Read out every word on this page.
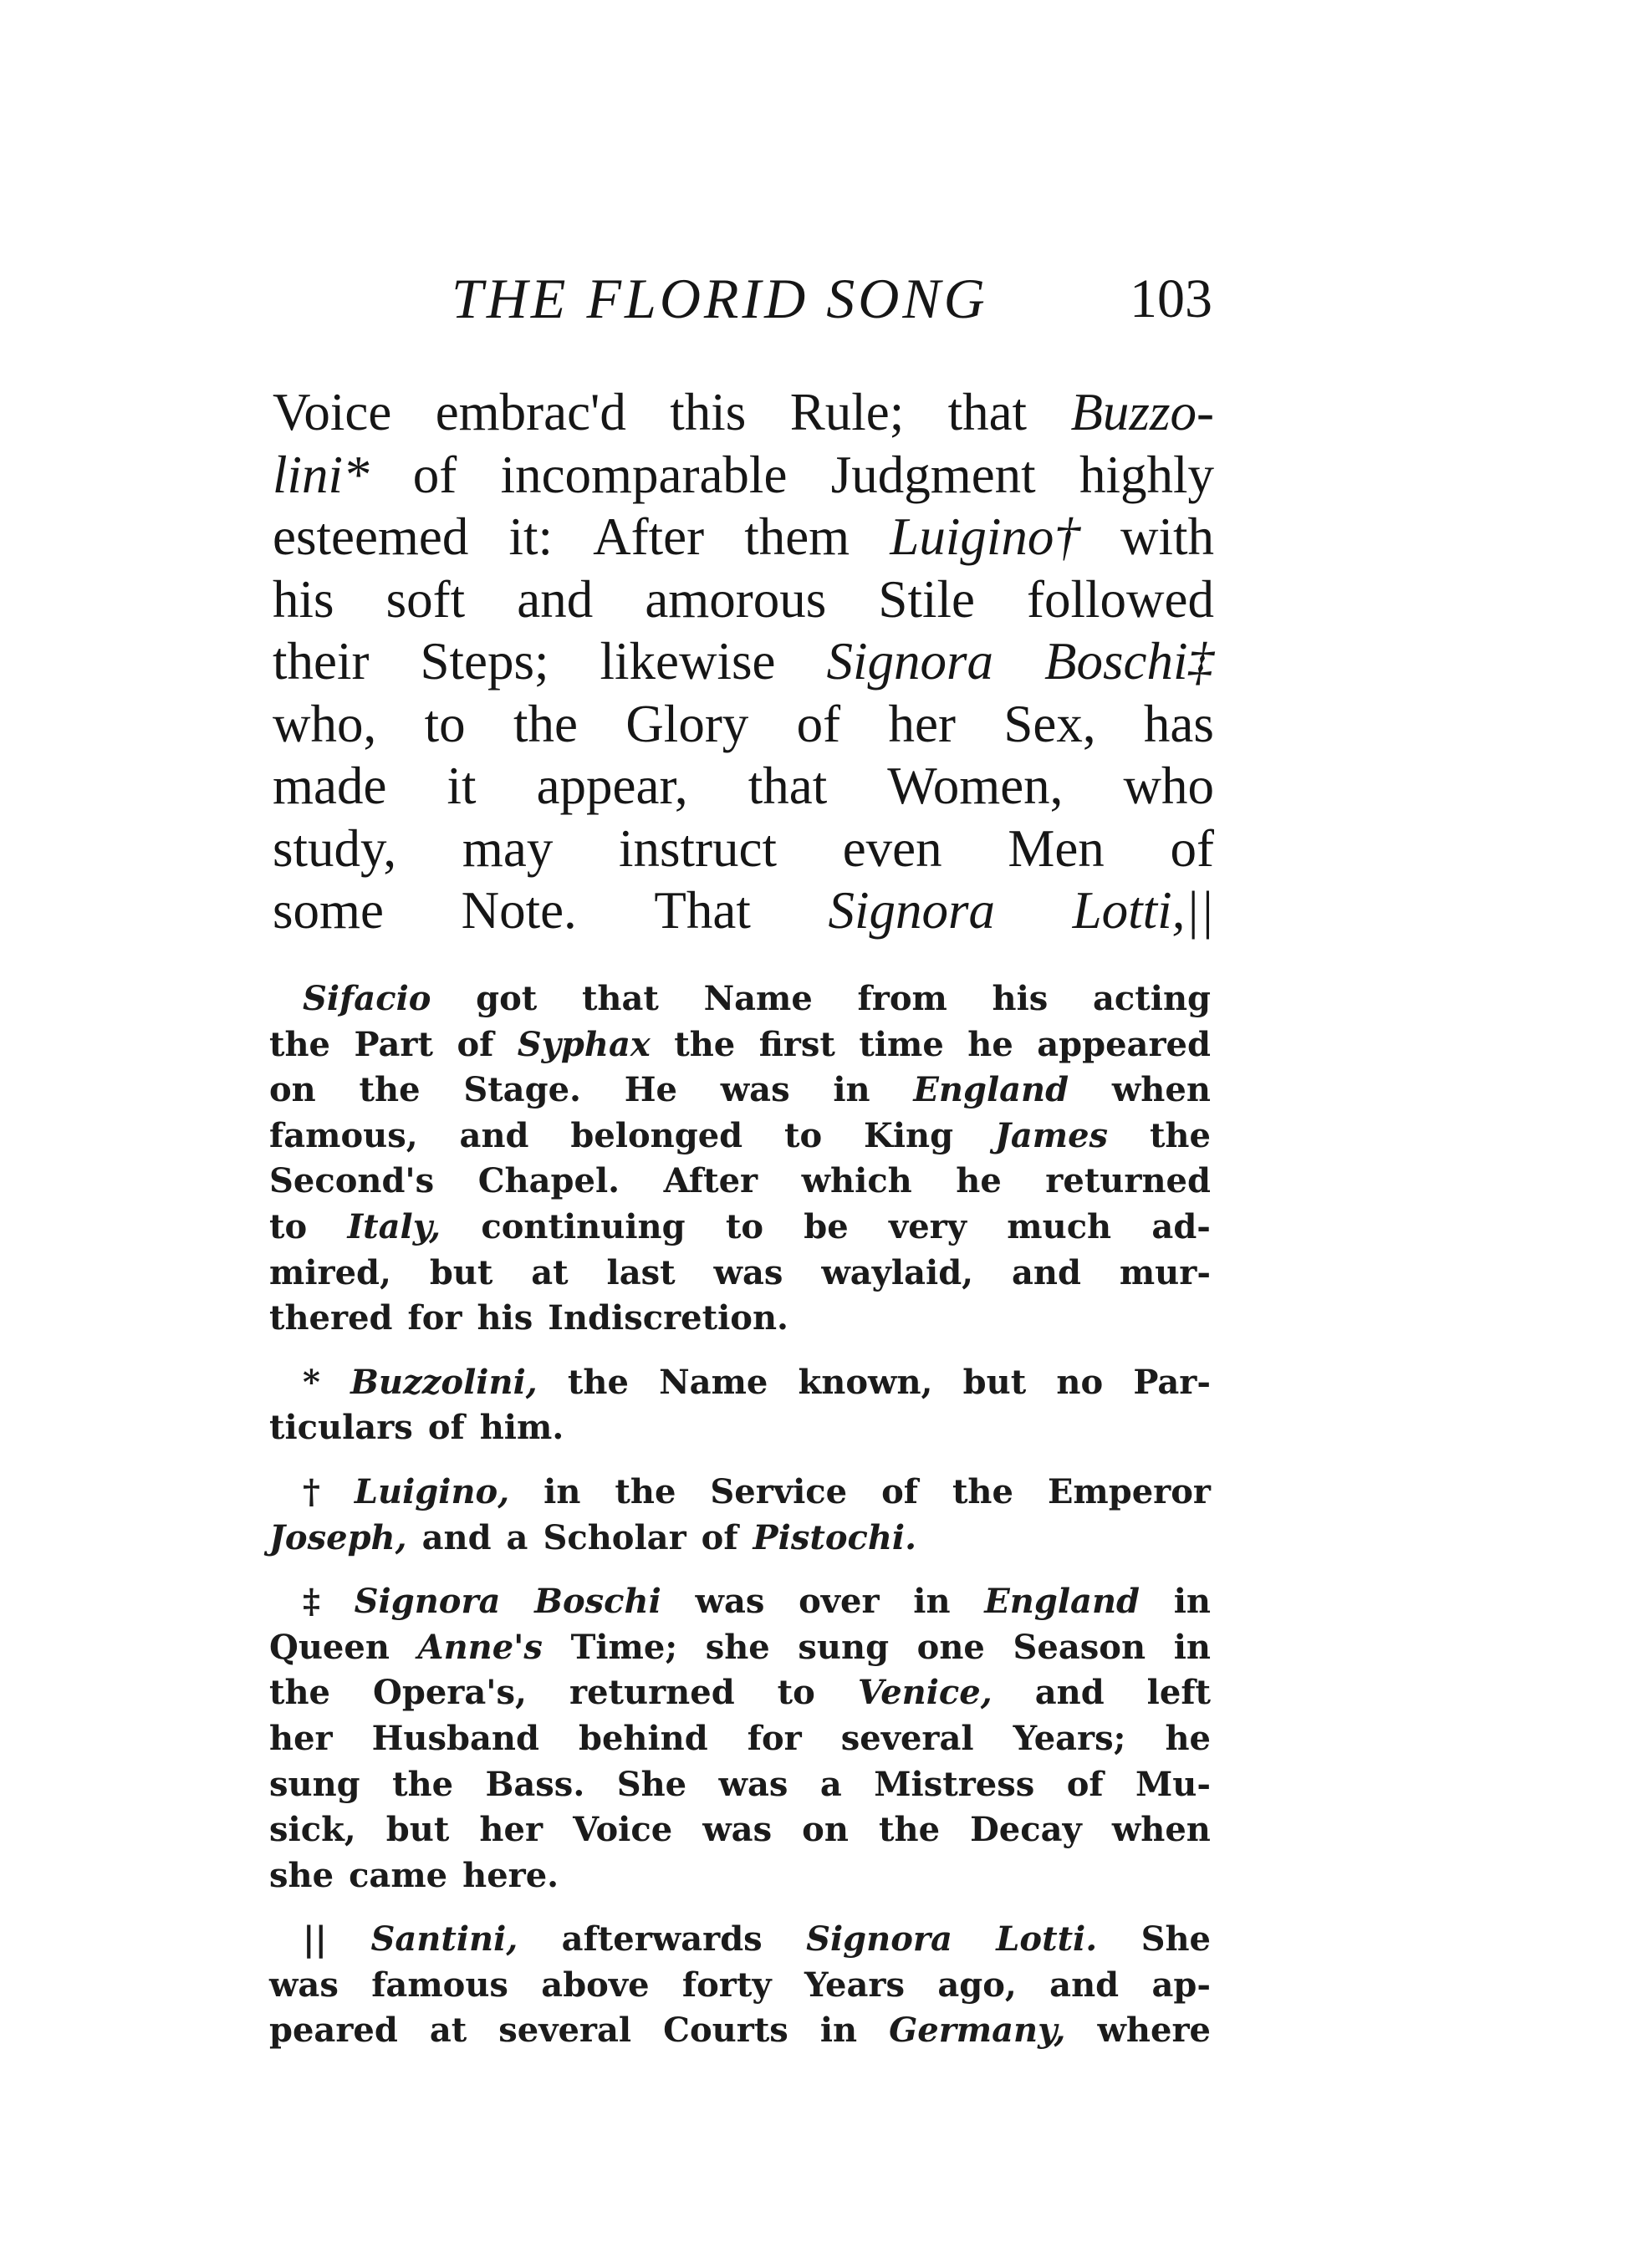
THE FLORID SONG	103
Voice embrac'd this Rule; that Buzzo-
lini* of incomparable Judgment highly
esteemed it: After them Luigino† with
his soft and amorous Stile followed
their Steps; likewise Signora Boschi‡
who, to the Glory of her Sex, has
made it appear, that Women, who
study, may instruct even Men of
some Note. That Signora Lotti,||
Sifacio got that Name from his acting
the Part of Syphax the first time he appeared
on the Stage. He was in England when
famous, and belonged to King James the
Second's Chapel. After which he returned
to Italy, continuing to be very much ad-
mired, but at last was waylaid, and mur-
thered for his Indiscretion.
* Buzzolini, the Name known, but no Par-
ticulars of him.
† Luigino, in the Service of the Emperor
Joseph, and a Scholar of Pistochi.
‡ Signora Boschi was over in England in
Queen Anne's Time; she sung one Season in
the Opera's, returned to Venice, and left
her Husband behind for several Years; he
sung the Bass. She was a Mistress of Mu-
sick, but her Voice was on the Decay when
she came here.
|| Santini, afterwards Signora Lotti. She
was famous above forty Years ago, and ap-
peared at several Courts in Germany, where
